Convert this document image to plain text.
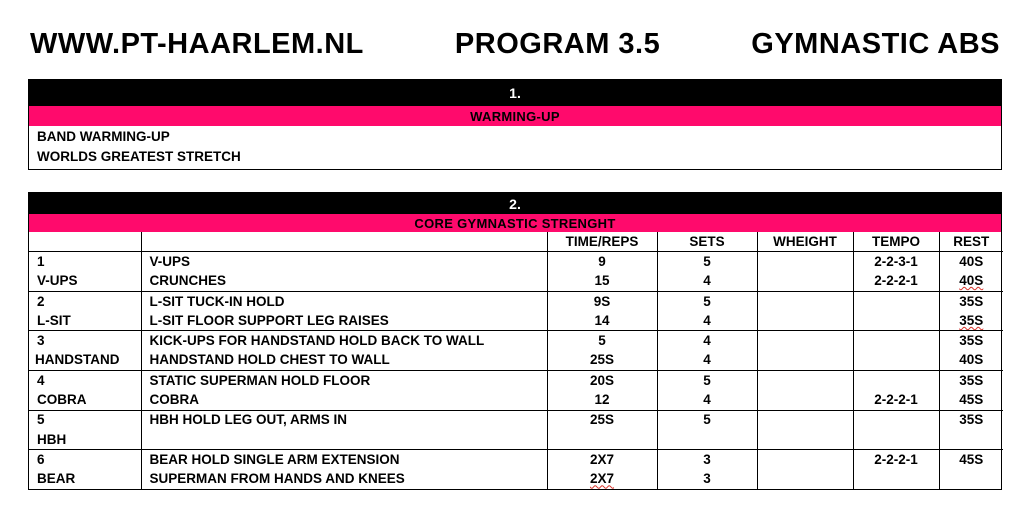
WWW.PT-HAARLEM.NL	PROGRAM 3.5	GYMNASTIC ABS
1.
WARMING-UP
BAND WARMING-UP
WORLDS GREATEST STRETCH
2.
CORE GYMNASTIC STRENGHT
		TIME/REPS	SETS	WHEIGHT	TEMPO	REST
1	V-UPS	9	5		2-2-3-1	40S
V-UPS	CRUNCHES	15	4		2-2-2-1	40S
2	L-SIT TUCK-IN HOLD	9S	5			35S
L-SIT	L-SIT FLOOR SUPPORT LEG RAISES	14	4			35S
3	KICK-UPS FOR HANDSTAND HOLD BACK TO WALL	5	4			35S
HANDSTAND	HANDSTAND HOLD CHEST TO WALL	25S	4			40S
4	STATIC SUPERMAN HOLD FLOOR	20S	5			35S
COBRA	COBRA	12	4		2-2-2-1	45S
5	HBH HOLD LEG OUT, ARMS IN	25S	5			35S
HBH						
6	BEAR HOLD SINGLE ARM EXTENSION	2X7	3		2-2-2-1	45S
BEAR	SUPERMAN FROM HANDS AND KNEES	2X7	3			
